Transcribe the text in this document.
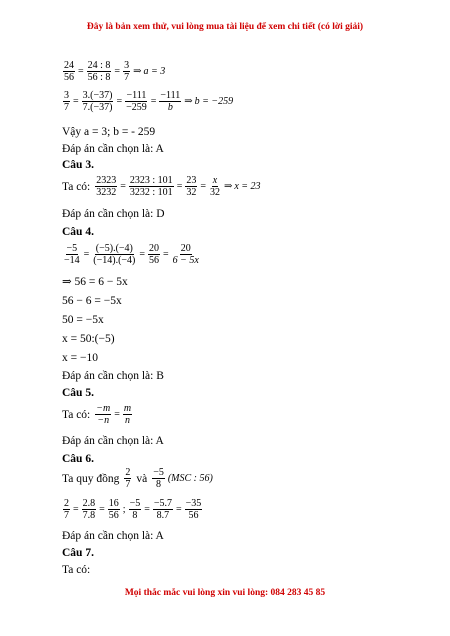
Đây là bản xem thử, vui lòng mua tài liệu để xem chi tiết (có lời giải)
$\frac{24}{56} = \frac{24 : 8}{56 : 8} = \frac{3}{7}$ ⇒ a = 3
$\frac{3}{7} = \frac{3.(-37)}{7.(-37)} = \frac{-111}{-259} = \frac{-111}{b}$ ⇒ b = −259
Vậy a = 3; b = - 259
Đáp án cần chọn là: A
Câu 3.
Ta có: $\frac{2323}{3232} = \frac{2323 : 101}{3232 : 101} = \frac{23}{32} = \frac{x}{32}$ ⇒ x = 23
Đáp án cần chọn là: D
Câu 4.
$\frac{-5}{-14} = \frac{(-5).(-4)}{(-14).(-4)} = \frac{20}{56} = \frac{20}{6 - 5x}$
⇒ 56 = 6 − 5x
56 − 6 = −5x
50 = −5x
x = 50:(−5)
x = −10
Đáp án cần chọn là: B
Câu 5.
Ta có: $\frac{-m}{-n} = \frac{m}{n}$
Đáp án cần chọn là: A
Câu 6.
Ta quy đồng 2
7 và −5
8
(MSC : 56)
$\frac{2}{7} = \frac{2.8}{7.8} = \frac{16}{56}$ ; $\frac{-5}{8} = \frac{-5.7}{8.7} = \frac{-35}{56}$
Đáp án cần chọn là: A
Câu 7.
Ta có:
Mọi thắc mắc vui lòng xin vui lòng: 084 283 45 85
